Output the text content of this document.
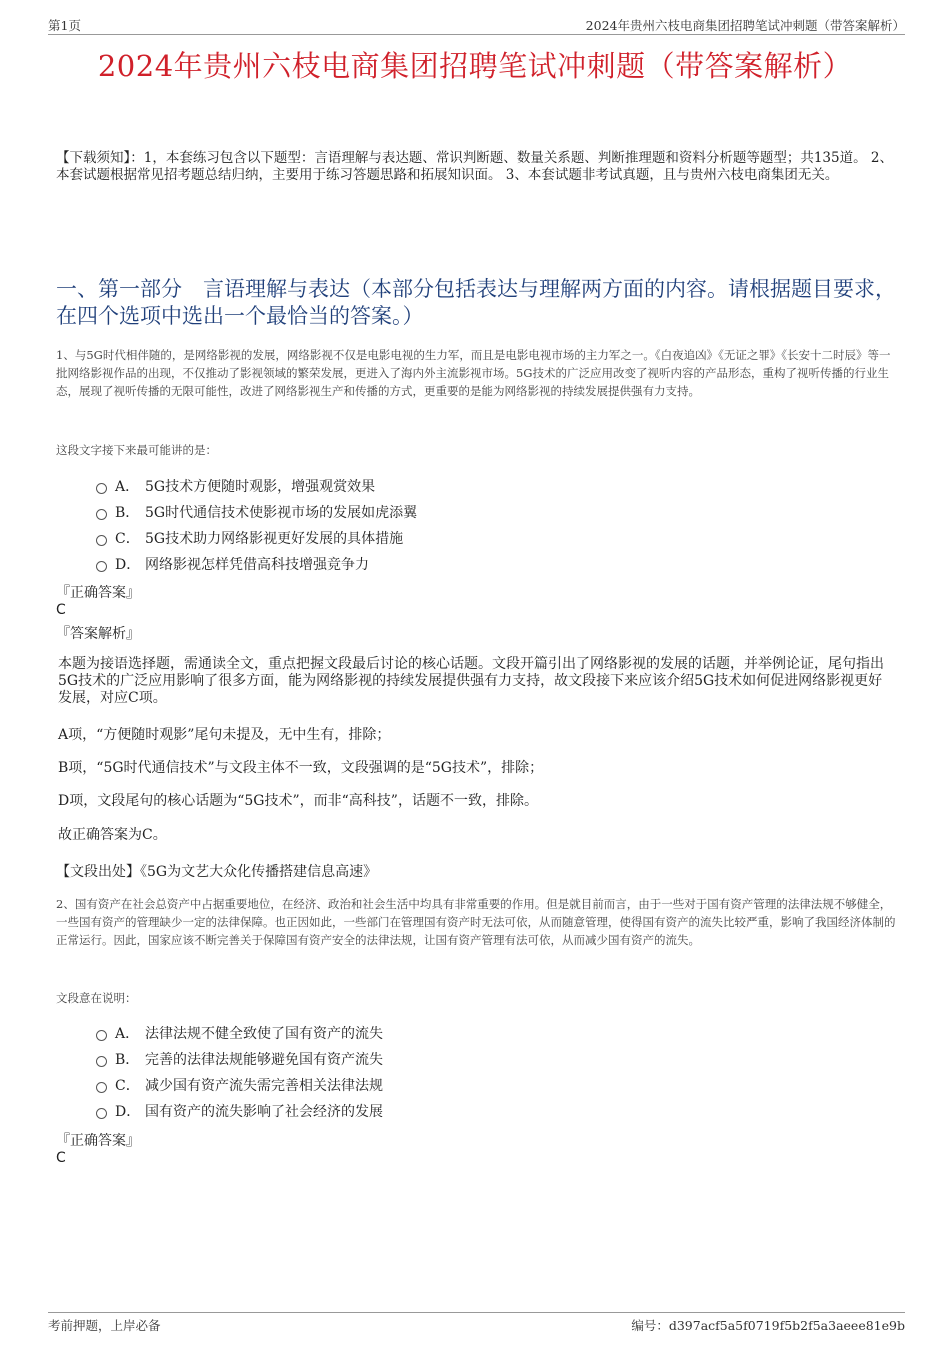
第1页	2024年贵州六枝电商集团招聘笔试冲刺题（带答案解析）
2024年贵州六枝电商集团招聘笔试冲刺题（带答案解析）
【下载须知】：1，本套练习包含以下题型：言语理解与表达题、常识判断题、数量关系题、判断推理题和资料分析题等题型；共135道。 2、本套试题根据常见招考题总结归纳，主要用于练习答题思路和拓展知识面。 3、本套试题非考试真题，且与贵州六枝电商集团无关。
一、第一部分　言语理解与表达（本部分包括表达与理解两方面的内容。请根据题目要求，在四个选项中选出一个最恰当的答案。）
1、与5G时代相伴随的，是网络影视的发展，网络影视不仅是电影电视的生力军，而且是电影电视市场的主力军之一。《白夜追凶》《无证之罪》《长安十二时辰》等一批网络影视作品的出现，不仅推动了影视领域的繁荣发展，更进入了海内外主流影视市场。5G技术的广泛应用改变了视听内容的产品形态，重构了视听传播的行业生态，展现了视听传播的无限可能性，改进了网络影视生产和传播的方式，更重要的是能为网络影视的持续发展提供强有力支持。
这段文字接下来最可能讲的是：
A． 5G技术方便随时观影，增强观赏效果
B． 5G时代通信技术使影视市场的发展如虎添翼
C． 5G技术助力网络影视更好发展的具体措施
D． 网络影视怎样凭借高科技增强竞争力
『正确答案』
C
『答案解析』
本题为接语选择题，需通读全文，重点把握文段最后讨论的核心话题。文段开篇引出了网络影视的发展的话题，并举例论证，尾句指出5G技术的广泛应用影响了很多方面，能为网络影视的持续发展提供强有力支持，故文段接下来应该介绍5G技术如何促进网络影视更好发展，对应C项。
A项，“方便随时观影”尾句未提及，无中生有，排除；
B项，“5G时代通信技术”与文段主体不一致，文段强调的是“5G技术”，排除；
D项，文段尾句的核心话题为“5G技术”，而非“高科技”，话题不一致，排除。
故正确答案为C。
【文段出处】《5G为文艺大众化传播搭建信息高速》
2、国有资产在社会总资产中占据重要地位，在经济、政治和社会生活中均具有非常重要的作用。但是就目前而言，由于一些对于国有资产管理的法律法规不够健全，一些国有资产的管理缺少一定的法律保障。也正因如此，一些部门在管理国有资产时无法可依，从而随意管理，使得国有资产的流失比较严重，影响了我国经济体制的正常运行。因此，国家应该不断完善关于保障国有资产安全的法律法规，让国有资产管理有法可依，从而减少国有资产的流失。
文段意在说明：
A． 法律法规不健全致使了国有资产的流失
B． 完善的法律法规能够避免国有资产流失
C． 减少国有资产流失需完善相关法律法规
D． 国有资产的流失影响了社会经济的发展
『正确答案』
C
考前押题，上岸必备	编号：d397acf5a5f0719f5b2f5a3aeee81e9b
